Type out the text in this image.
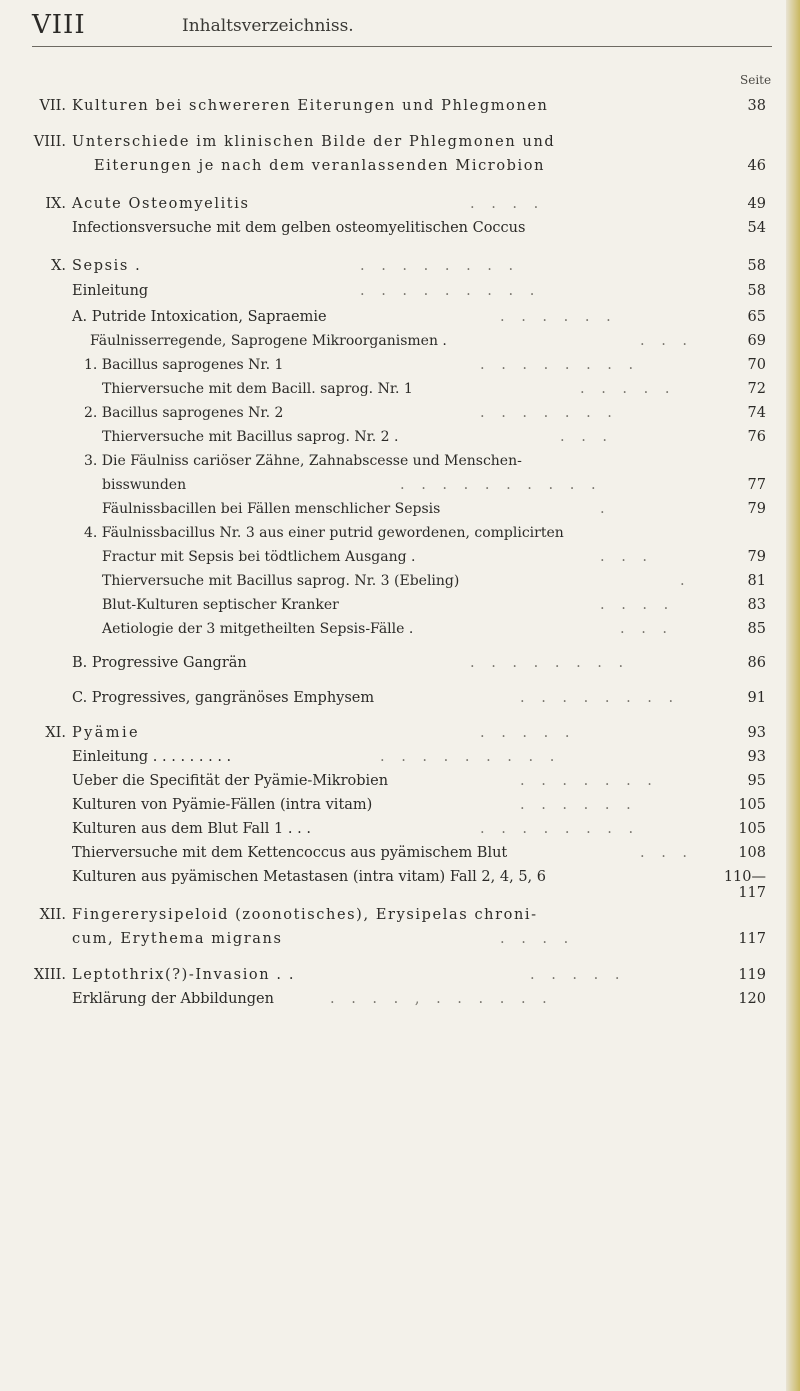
VIII	Inhaltsverzeichniss.
Seite
VII. Kulturen bei schwereren Eiterungen und Phlegmonen	38
VIII. Unterschiede im klinischen Bilde der Phlegmonen und
Eiterungen je nach dem veranlassenden Microbion	46
IX. Acute Osteomyelitis	. . . .	49
Infectionsversuche mit dem gelben osteomyelitischen Coccus	54
X. Sepsis .	. . . . . . . .	58
Einleitung	. . . . . . . . .	58
A. Putride Intoxication, Sapraemie	. . . . . .	65
Fäulnisserregende, Saprogene Mikroorganismen .	. . .	69
1. Bacillus saprogenes Nr. 1	. . . . . . . .	70
Thierversuche mit dem Bacill. saprog. Nr. 1	. . . . .	72
2. Bacillus saprogenes Nr. 2	. . . . . . .	74
Thierversuche mit Bacillus saprog. Nr. 2 .	. . .	76
3. Die Fäulniss cariöser Zähne, Zahnabscesse und Menschen-
bisswunden	. . . . . . . . . .	77
Fäulnissbacillen bei Fällen menschlicher Sepsis	.	79
4. Fäulnissbacillus Nr. 3 aus einer putrid gewordenen, complicirten
Fractur mit Sepsis bei tödtlichem Ausgang .	. . .	79
Thierversuche mit Bacillus saprog. Nr. 3 (Ebeling)	.	81
Blut-Kulturen septischer Kranker	. . . .	83
Aetiologie der 3 mitgetheilten Sepsis-Fälle .	. . .	85
B. Progressive Gangrän	. . . . . . . .	86
C. Progressives, gangränöses Emphysem	. . . . . . . .	91
XI. Pyämie	. . . . .	93
Einleitung . . . . . . . . .	. . . . . . . . .	93
Ueber die Specifität der Pyämie-Mikrobien	. . . . . . .	95
Kulturen von Pyämie-Fällen (intra vitam)	. . . . . .	105
Kulturen aus dem Blut Fall 1 . . .	. . . . . . . .	105
Thierversuche mit dem Kettencoccus aus pyämischem Blut	. . .	108
Kulturen aus pyämischen Metastasen (intra vitam) Fall 2, 4, 5, 6	110—117
XII. Fingererysipeloid (zoonotisches), Erysipelas chroni-
cum, Erythema migrans	. . . .	117
XIII. Leptothrix(?)-Invasion . .	. . . . .	119
Erklärung der Abbildungen	. . . . , . . . . . .	120
